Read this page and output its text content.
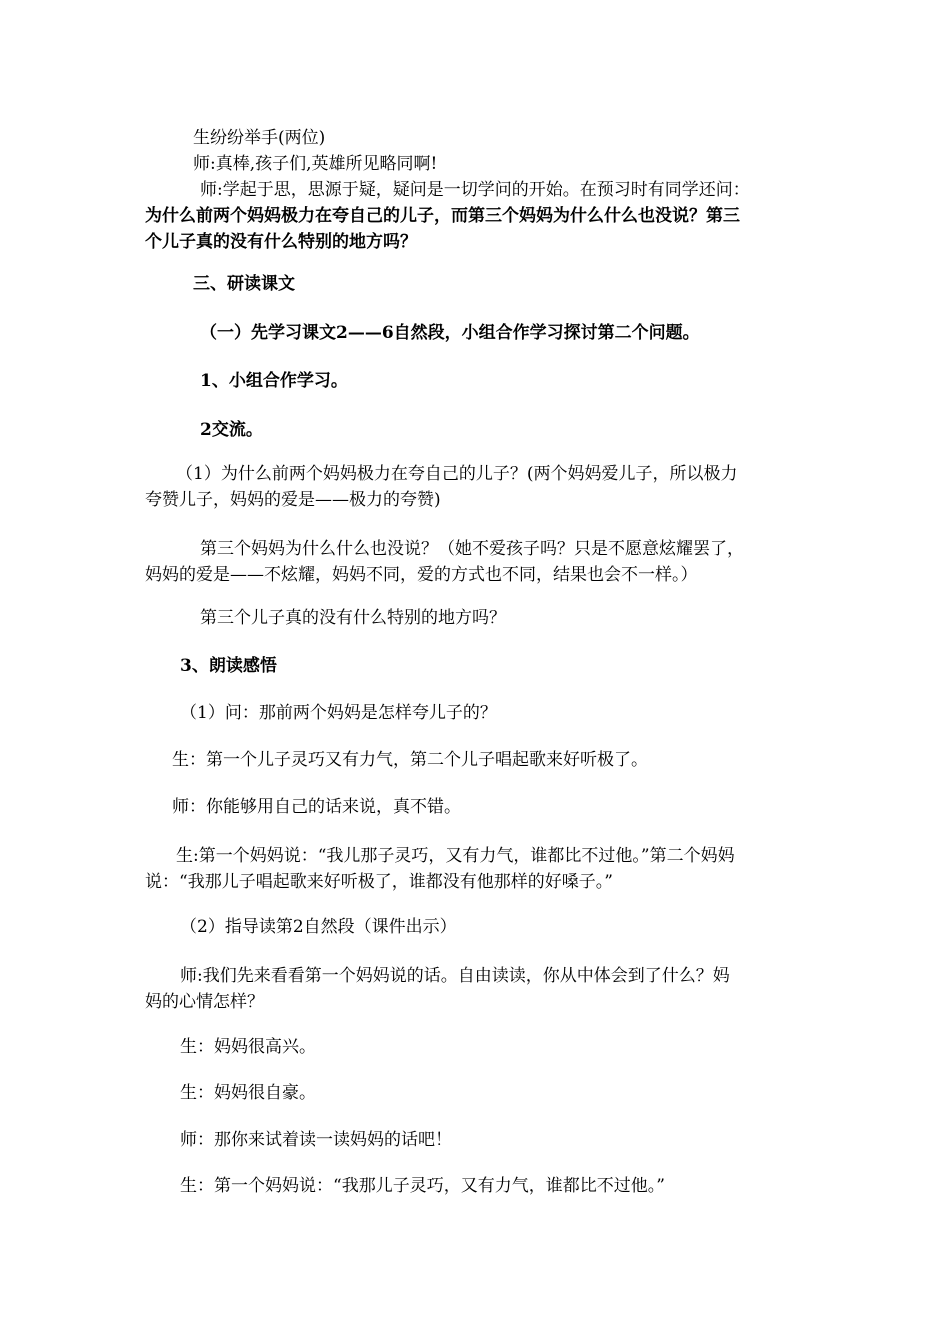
生纷纷举手(两位)
师:真棒,孩子们,英雄所见略同啊!
师:学起于思，思源于疑，疑问是一切学问的开始。在预习时有同学还问：
为什么前两个妈妈极力在夸自己的儿子，而第三个妈妈为什么什么也没说？第三
个儿子真的没有什么特别的地方吗？
三、研读课文
（一）先学习课文2——6自然段，小组合作学习探讨第二个问题。
1、小组合作学习。
2交流。
（1）为什么前两个妈妈极力在夸自己的儿子？(两个妈妈爱儿子，所以极力
夸赞儿子，妈妈的爱是——极力的夸赞)
第三个妈妈为什么什么也没说？（她不爱孩子吗？只是不愿意炫耀罢了，
妈妈的爱是——不炫耀，妈妈不同，爱的方式也不同，结果也会不一样。）
第三个儿子真的没有什么特别的地方吗？
3、朗读感悟
（1）问：那前两个妈妈是怎样夸儿子的？
生：第一个儿子灵巧又有力气，第二个儿子唱起歌来好听极了。
师：你能够用自己的话来说，真不错。
生:第一个妈妈说：“我儿那子灵巧，又有力气，谁都比不过他。”第二个妈妈
说：“我那儿子唱起歌来好听极了，谁都没有他那样的好嗓子。”
（2）指导读第2自然段（课件出示）
师:我们先来看看第一个妈妈说的话。自由读读，你从中体会到了什么？妈
妈的心情怎样？
生：妈妈很高兴。
生：妈妈很自豪。
师：那你来试着读一读妈妈的话吧！
生：第一个妈妈说：“我那儿子灵巧，又有力气，谁都比不过他。”
